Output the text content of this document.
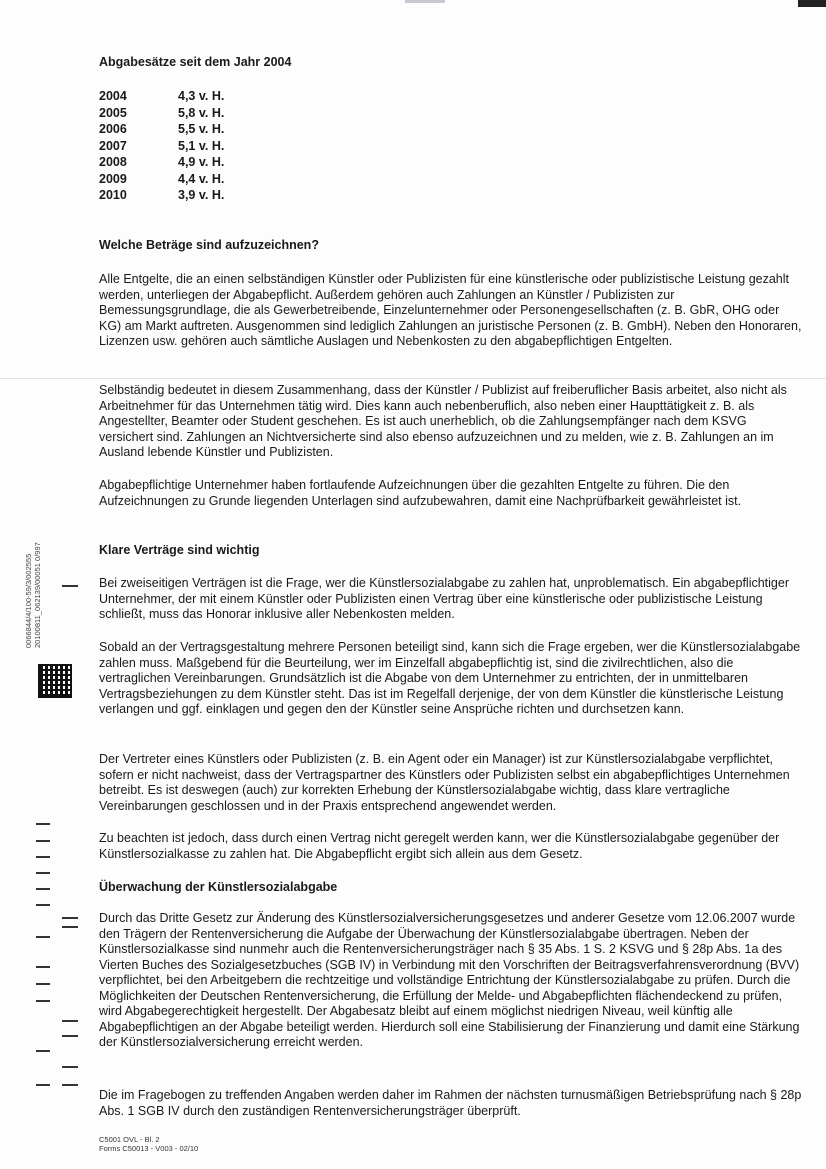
0066844/4/100-59/3/002555 20100811_062139/00051 0/997
Abgabesätze seit dem Jahr 2004
2004	4,3 v. H.
2005	5,8 v. H.
2006	5,5 v. H.
2007	5,1 v. H.
2008	4,9 v. H.
2009	4,4 v. H.
2010	3,9 v. H.
Welche Beträge sind aufzuzeichnen?

Alle Entgelte, die an einen selbständigen Künstler oder Publizisten für eine künstlerische oder publizistische Leistung gezahlt werden, unterliegen der Abgabepflicht. Außerdem gehören auch Zahlungen an Künstler / Publizisten zur Bemessungsgrundlage, die als Gewerbetreibende, Einzelunternehmer oder Personengesellschaften (z. B. GbR, OHG oder KG) am Markt auftreten. Ausgenommen sind lediglich Zahlungen an juristische Personen (z. B. GmbH). Neben den Honoraren, Lizenzen usw. gehören auch sämtliche Auslagen und Nebenkosten zu den abgabepflichtigen Entgelten.

Selbständig bedeutet in diesem Zusammenhang, dass der Künstler / Publizist auf freiberuflicher Basis arbeitet, also nicht als Arbeitnehmer für das Unternehmen tätig wird. Dies kann auch nebenberuflich, also neben einer Haupttätigkeit z. B. als Angestellter, Beamter oder Student geschehen. Es ist auch unerheblich, ob die Zahlungsempfänger nach dem KSVG versichert sind. Zahlungen an Nichtversicherte sind also ebenso aufzuzeichnen und zu melden, wie z. B. Zahlungen an im Ausland lebende Künstler und Publizisten.

Abgabepflichtige Unternehmer haben fortlaufende Aufzeichnungen über die gezahlten Entgelte zu führen. Die den Aufzeichnungen zu Grunde liegenden Unterlagen sind aufzubewahren, damit eine Nachprüfbarkeit gewährleistet ist.

Klare Verträge sind wichtig

Bei zweiseitigen Verträgen ist die Frage, wer die Künstlersozialabgabe zu zahlen hat, unproblematisch. Ein abgabepflichtiger Unternehmer, der mit einem Künstler oder Publizisten einen Vertrag über eine künstlerische oder publizistische Leistung schließt, muss das Honorar inklusive aller Nebenkosten melden.

Sobald an der Vertragsgestaltung mehrere Personen beteiligt sind, kann sich die Frage ergeben, wer die Künstlersozialabgabe zahlen muss. Maßgebend für die Beurteilung, wer im Einzelfall abgabepflichtig ist, sind die zivilrechtlichen, also die vertraglichen Vereinbarungen. Grundsätzlich ist die Abgabe von dem Unternehmer zu entrichten, der in unmittelbaren Vertragsbeziehungen zu dem Künstler steht. Das ist im Regelfall derjenige, der von dem Künstler die künstlerische Leistung verlangen und ggf. einklagen und gegen den der Künstler seine Ansprüche richten und durchsetzen kann.

Der Vertreter eines Künstlers oder Publizisten (z. B. ein Agent oder ein Manager) ist zur Künstlersozialabgabe verpflichtet, sofern er nicht nachweist, dass der Vertragspartner des Künstlers oder Publizisten selbst ein abgabepflichtiges Unternehmen betreibt. Es ist deswegen (auch) zur korrekten Erhebung der Künstlersozialabgabe wichtig, dass klare vertragliche Vereinbarungen geschlossen und in der Praxis entsprechend angewendet werden.

Zu beachten ist jedoch, dass durch einen Vertrag nicht geregelt werden kann, wer die Künstlersozialabgabe gegenüber der Künstlersozialkasse zu zahlen hat. Die Abgabepflicht ergibt sich allein aus dem Gesetz.

Überwachung der Künstlersozialabgabe

Durch das Dritte Gesetz zur Änderung des Künstlersozialversicherungsgesetzes und anderer Gesetze vom 12.06.2007 wurde den Trägern der Rentenversicherung die Aufgabe der Überwachung der Künstlersozialabgabe übertragen. Neben der Künstlersozialkasse sind nunmehr auch die Rentenversicherungsträger nach § 35 Abs. 1 S. 2 KSVG und § 28p Abs. 1a des Vierten Buches des Sozialgesetzbuches (SGB IV) in Verbindung mit den Vorschriften der Beitragsverfahrensverordnung (BVV) verpflichtet, bei den Arbeitgebern die rechtzeitige und vollständige Entrichtung der Künstlersozialabgabe zu prüfen. Durch die Möglichkeiten der Deutschen Rentenversicherung, die Erfüllung der Melde- und Abgabepflichten flächendeckend zu prüfen, wird Abgabegerechtigkeit hergestellt. Der Abgabesatz bleibt auf einem möglichst niedrigen Niveau, weil künftig alle Abgabepflichtigen an der Abgabe beteiligt werden. Hierdurch soll eine Stabilisierung der Finanzierung und damit eine Stärkung der Künstlersozialversicherung erreicht werden.

Die im Fragebogen zu treffenden Angaben werden daher im Rahmen der nächsten turnusmäßigen Betriebsprüfung nach § 28p Abs. 1 SGB IV durch den zuständigen Rentenversicherungsträger überprüft.

C5001 OVL - Bl. 2
Forms C50013 - V003 - 02/10
